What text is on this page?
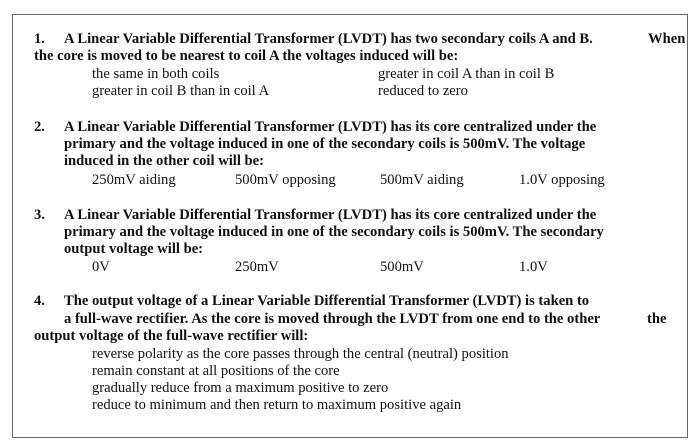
1. A Linear Variable Differential Transformer (LVDT) has two secondary coils A and B.	When
the core is moved to be nearest to coil A the voltages induced will be:
the same in both coils	greater in coil A than in coil B
greater in coil B than in coil A	reduced to zero
2. A Linear Variable Differential Transformer (LVDT) has its core centralized under the
primary and the voltage induced in one of the secondary coils is 500mV. The voltage
induced in the other coil will be:
250mV aiding	500mV opposing	500mV aiding	1.0V opposing
3. A Linear Variable Differential Transformer (LVDT) has its core centralized under the
primary and the voltage induced in one of the secondary coils is 500mV. The secondary
output voltage will be:
0V	250mV	500mV	1.0V
4. The output voltage of a Linear Variable Differential Transformer (LVDT) is taken to
a full-wave rectifier. As the core is moved through the LVDT from one end to the other	the
output voltage of the full-wave rectifier will:
reverse polarity as the core passes through the central (neutral) position
remain constant at all positions of the core
gradually reduce from a maximum positive to zero
reduce to minimum and then return to maximum positive again
